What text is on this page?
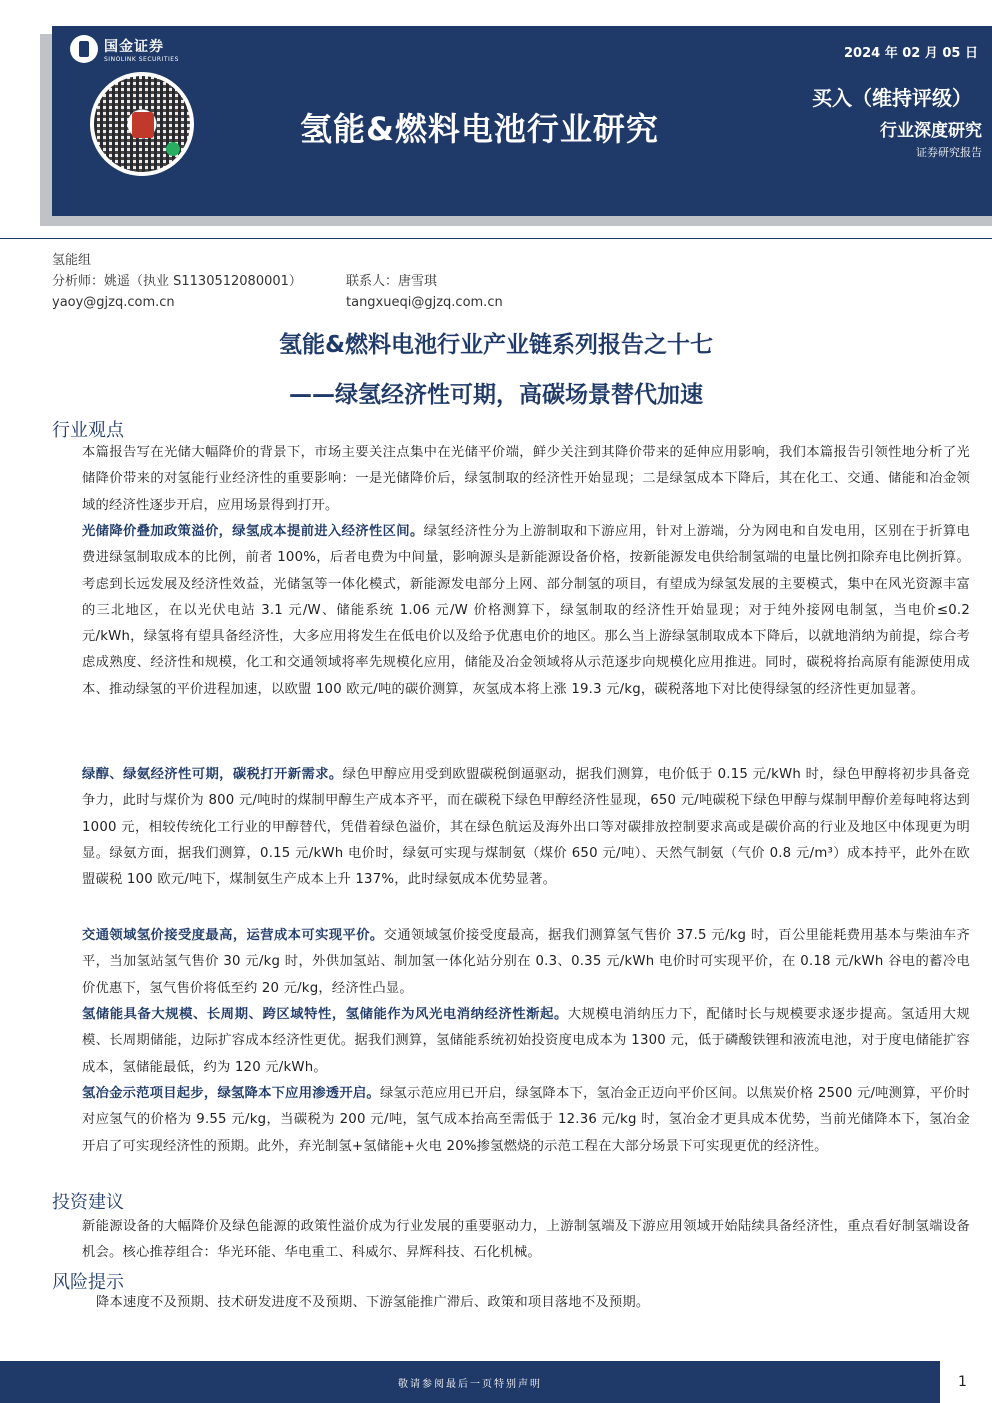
国金证券
SINOLINK SECURITIES	2024 年 02 月 05 日
氢能&燃料电池行业研究
买入（维持评级）
行业深度研究
证券研究报告
氢能组
分析师：姚遥（执业 S1130512080001）	联系人：唐雪琪
yaoy@gjzq.com.cn	tangxueqi@gjzq.com.cn
氢能&燃料电池行业产业链系列报告之十七
——绿氢经济性可期，高碳场景替代加速
行业观点
本篇报告写在光储大幅降价的背景下，市场主要关注点集中在光储平价端，鲜少关注到其降价带来的延伸应用影响，我们本篇报告引领性地分析了光储降价带来的对氢能行业经济性的重要影响：一是光储降价后，绿氢制取的经济性开始显现；二是绿氢成本下降后，其在化工、交通、储能和冶金领域的经济性逐步开启，应用场景得到打开。
光储降价叠加政策溢价，绿氢成本提前进入经济性区间。绿氢经济性分为上游制取和下游应用，针对上游端，分为网电和自发电用，区别在于折算电费进绿氢制取成本的比例，前者 100%，后者电费为中间量，影响源头是新能源设备价格，按新能源发电供给制氢端的电量比例扣除弃电比例折算。考虑到长远发展及经济性效益，光储氢等一体化模式，新能源发电部分上网、部分制氢的项目，有望成为绿氢发展的主要模式，集中在风光资源丰富的三北地区，在以光伏电站 3.1 元/W、储能系统 1.06 元/W 价格测算下，绿氢制取的经济性开始显现；对于纯外接网电制氢，当电价≤0.2 元/kWh，绿氢将有望具备经济性，大多应用将发生在低电价以及给予优惠电价的地区。那么当上游绿氢制取成本下降后，以就地消纳为前提，综合考虑成熟度、经济性和规模，化工和交通领域将率先规模化应用，储能及冶金领域将从示范逐步向规模化应用推进。同时，碳税将抬高原有能源使用成本、推动绿氢的平价进程加速，以欧盟 100 欧元/吨的碳价测算，灰氢成本将上涨 19.3 元/kg，碳税落地下对比使得绿氢的经济性更加显著。
绿醇、绿氨经济性可期，碳税打开新需求。绿色甲醇应用受到欧盟碳税倒逼驱动，据我们测算，电价低于 0.15 元/kWh 时，绿色甲醇将初步具备竞争力，此时与煤价为 800 元/吨时的煤制甲醇生产成本齐平，而在碳税下绿色甲醇经济性显现，650 元/吨碳税下绿色甲醇与煤制甲醇价差每吨将达到 1000 元，相较传统化工行业的甲醇替代，凭借着绿色溢价，其在绿色航运及海外出口等对碳排放控制要求高或是碳价高的行业及地区中体现更为明显。绿氨方面，据我们测算，0.15 元/kWh 电价时，绿氨可实现与煤制氨（煤价 650 元/吨）、天然气制氨（气价 0.8 元/m³）成本持平，此外在欧盟碳税 100 欧元/吨下，煤制氨生产成本上升 137%，此时绿氨成本优势显著。
交通领域氢价接受度最高，运营成本可实现平价。交通领域氢价接受度最高，据我们测算氢气售价 37.5 元/kg 时，百公里能耗费用基本与柴油车齐平，当加氢站氢气售价 30 元/kg 时，外供加氢站、制加氢一体化站分别在 0.3、0.35 元/kWh 电价时可实现平价，在 0.18 元/kWh 谷电的蓄冷电价优惠下，氢气售价将低至约 20 元/kg，经济性凸显。
氢储能具备大规模、长周期、跨区域特性，氢储能作为风光电消纳经济性渐起。大规模电消纳压力下，配储时长与规模要求逐步提高。氢适用大规模、长周期储能，边际扩容成本经济性更优。据我们测算，氢储能系统初始投资度电成本为 1300 元，低于磷酸铁锂和液流电池，对于度电储能扩容成本，氢储能最低，约为 120 元/kWh。
氢冶金示范项目起步，绿氢降本下应用渗透开启。绿氢示范应用已开启，绿氢降本下，氢冶金正迈向平价区间。以焦炭价格 2500 元/吨测算，平价时对应氢气的价格为 9.55 元/kg，当碳税为 200 元/吨，氢气成本抬高至需低于 12.36 元/kg 时，氢冶金才更具成本优势，当前光储降本下，氢冶金开启了可实现经济性的预期。此外，弃光制氢+氢储能+火电 20%掺氢燃烧的示范工程在大部分场景下可实现更优的经济性。
投资建议
新能源设备的大幅降价及绿色能源的政策性溢价成为行业发展的重要驱动力，上游制氢端及下游应用领域开始陆续具备经济性，重点看好制氢端设备机会。核心推荐组合：华光环能、华电重工、科威尔、昇辉科技、石化机械。
风险提示
降本速度不及预期、技术研发进度不及预期、下游氢能推广滞后、政策和项目落地不及预期。
敬请参阅最后一页特别声明	1
